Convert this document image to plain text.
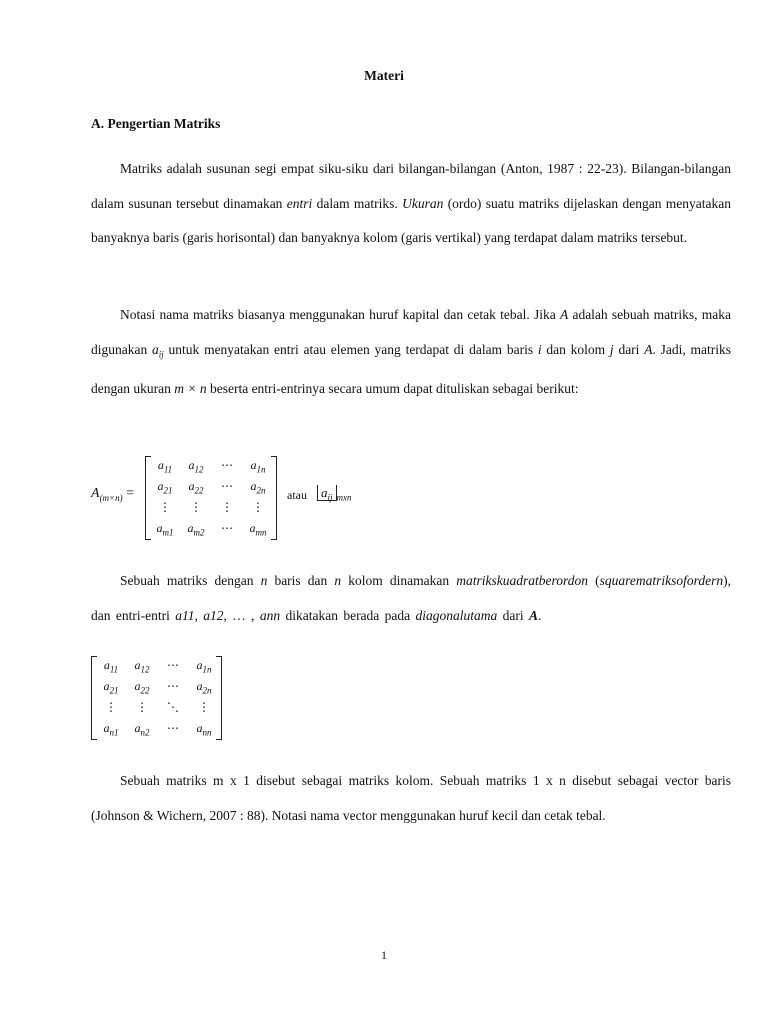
Materi
A. Pengertian Matriks

Matriks adalah susunan segi empat siku-siku dari bilangan-bilangan (Anton, 1987 : 22-23). Bilangan-bilangan dalam susunan tersebut dinamakan entri dalam matriks. Ukuran (ordo) suatu matriks dijelaskan dengan menyatakan banyaknya baris (garis horisontal) dan banyaknya kolom (garis vertikal) yang terdapat dalam matriks tersebut.

Notasi nama matriks biasanya menggunakan huruf kapital dan cetak tebal. Jika A adalah sebuah matriks, maka digunakan $a_{ij}$ untuk menyatakan entri atau elemen yang terdapat di dalam baris i dan kolom j dari A. Jadi, matriks dengan ukuran m × n beserta entri-entrinya secara umum dapat dituliskan sebagai berikut:

$A_{(m\times n)}$ =
$a_{11}$	$a_{12}$	⋯	$a_{1n}$
$a_{21}$	$a_{22}$	⋯	$a_{2n}$
⋮	⋮	⋮	⋮
$a_{m1}$	$a_{m2}$	⋯	$a_{mn}$
atau	$a_{ij}$ $_{mxn}$

Sebuah matriks dengan n baris dan n kolom dinamakan matrikskuadratberordon (squarematriksofordern), dan entri-entri a11, a12, … , ann dikatakan berada pada diagonalutama dari A.

$a_{11}$	$a_{12}$	⋯	$a_{1n}$
$a_{21}$	$a_{22}$	⋯	$a_{2n}$
⋮	⋮	⋱	⋮
$a_{n1}$	$a_{n2}$	⋯	$a_{nn}$

Sebuah matriks m x 1 disebut sebagai matriks kolom. Sebuah matriks 1 x n disebut sebagai vector baris (Johnson & Wichern, 2007 : 88). Notasi nama vector menggunakan huruf kecil dan cetak tebal.

1
